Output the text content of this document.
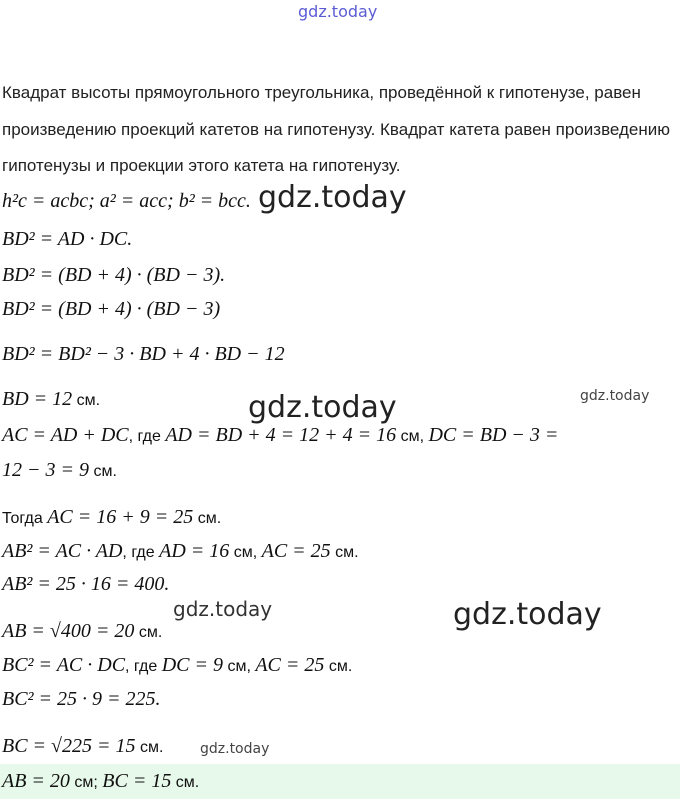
gdz.today
Квадрат высоты прямоугольного треугольника, проведённой к гипотенузе, равен произведению проекций катетов на гипотенузу. Квадрат катета равен произведению гипотенузы и проекции этого катета на гипотенузу.
h²c = acbc; a² = acc; b² = bcc. gdz.today
BD² = AD · DC.
BD² = (BD + 4) · (BD − 3).
BD² = (BD + 4) · (BD − 3)
BD² = BD² − 3 · BD + 4 · BD − 12
BD = 12 см.	gdz.today
gdz.today
AC = AD + DC, где AD = BD + 4 = 12 + 4 = 16 см, DC = BD − 3 =
12 − 3 = 9 см.
Тогда AC = 16 + 9 = 25 см.
AB² = AC · AD, где AD = 16 см, AC = 25 см.
AB² = 25 · 16 = 400.
gdz.today	gdz.today
AB = √400 = 20 см.
BC² = AC · DC, где DC = 9 см, AC = 25 см.
BC² = 25 · 9 = 225.
BC = √225 = 15 см.	gdz.today
AB = 20 см; BC = 15 см.
